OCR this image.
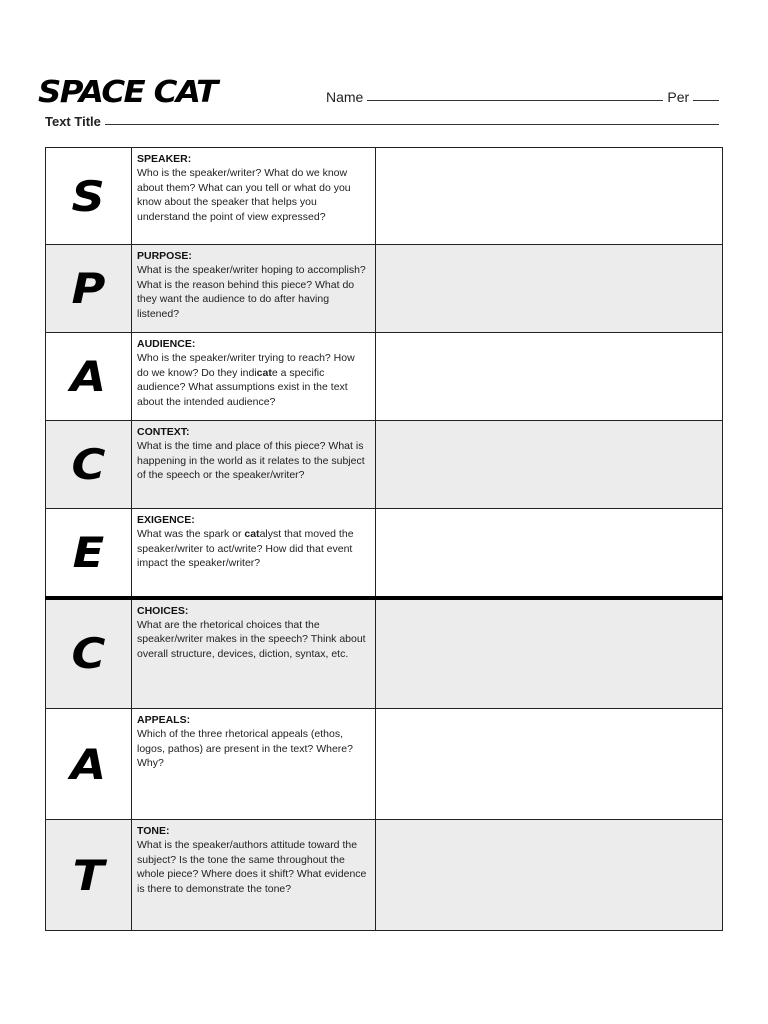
SPACE CAT	Name	Per
Text Title
S	SPEAKER:
Who is the speaker/writer? What do we know about them? What can you tell or what do you know about the speaker that helps you understand the point of view expressed?	

P	PURPOSE:
What is the speaker/writer hoping to accomplish? What is the reason behind this piece? What do they want the audience to do after having listened?	

A	AUDIENCE:
Who is the speaker/writer trying to reach? How do we know? Do they indicate a specific audience? What assumptions exist in the text about the intended audience?	

C	CONTEXT:
What is the time and place of this piece? What is happening in the world as it relates to the subject of the speech or the speaker/writer?	

E	EXIGENCE:
What was the spark or catalyst that moved the speaker/writer to act/write? How did that event impact the speaker/writer?	

C	CHOICES:
What are the rhetorical choices that the speaker/writer makes in the speech? Think about overall structure, devices, diction, syntax, etc.	

A	APPEALS:
Which of the three rhetorical appeals (ethos, logos, pathos) are present in the text? Where? Why?	

T	TONE:
What is the speaker/authors attitude toward the subject? Is the tone the same throughout the whole piece? Where does it shift? What evidence is there to demonstrate the tone?	
